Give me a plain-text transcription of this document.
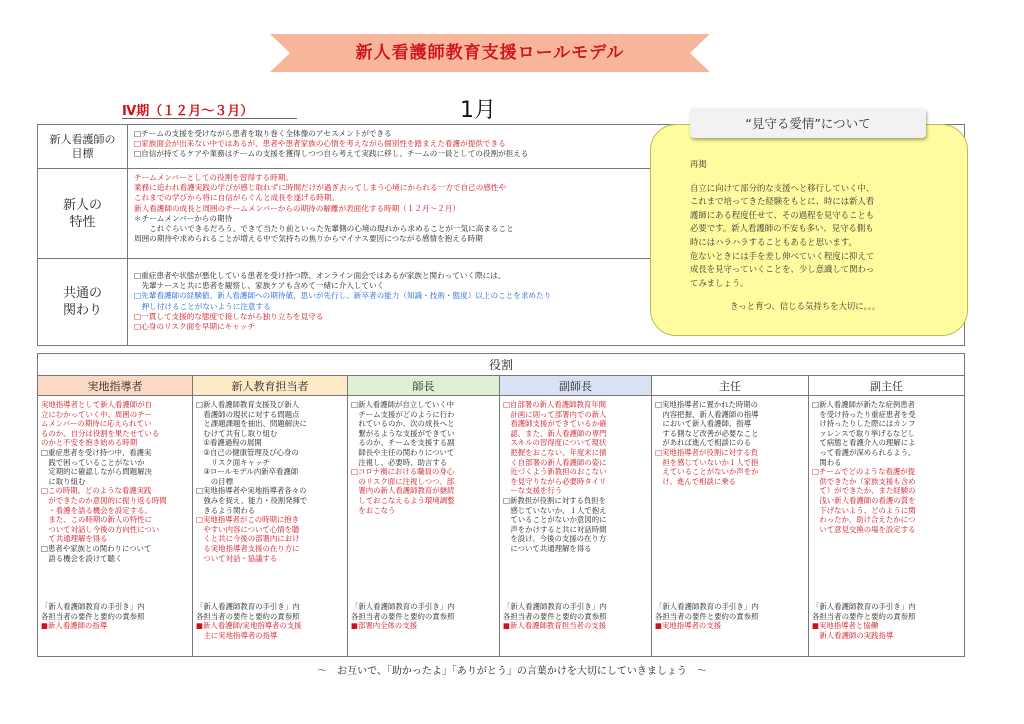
新人看護師教育支援ロールモデル
Ⅳ期（１２月～３月）	1月
新人看護師の
目標
□チームの支援を受けながら患者を取り巻く全体像のアセスメントができる
□家族面会が出来ない中ではあるが、患者や患者家族の心情を考えながら個別性を踏まえた看護が提供できる
□自信が持てるケアや業務はチームの支援を獲得しつつ自ら考えて実践に移し、チームの一員としての役割が担える
新人の
特性
チームメンバーとしての役割を習得する時期。
業務に追われ看護実践の学びが感じ取れずに時間だけが過ぎ去ってしまう心境にかられる一方で自己の感性や
これまでの学びから将に自信がらぐんと成長を遂げる時期。
新人看護師の成長と周囲のチームメンバーからの期待の解離が表面化する時期（１２月～２月）
＊チームメンバーからの期待
　　これぐらいできるだろう、できて当たり前といった先輩側の心境の現れから求めることが一気に高まること
周囲の期待や求められることが増える中で気持ちの焦りからマイナス要因につながる感情を抱える時期
共通の
関わり
□重症患者や状態が悪化している患者を受け持つ際、オンライン面会ではあるが家族と関わっていく際には、
　先輩ナースと共に患者を観察し、家族ケアも含めて一緒に介入していく
□先輩看護師の経験値、新人看護師への期待値、思いが先行し、新卒者の能力（知識・技術・態度）以上のことを求めたり
　押し付けることがないように注意する
□一貫して支援的な態度で接しながら独り立ちを見守る
□心身のリスク面を早期にキャッチ
“見守る愛情”について
再掲
自立に向けて部分的な支援へと移行していく中、
これまで培ってきた経験をもとに、時には新人看
護師にある程度任せて、その過程を見守ることも
必要です。新人看護師の不安も多い、見守る側も
時にはハラハラすることもあると思います。
危ないときには手を差し伸べていく程度に抑えて
成長を見守っていくことを、少し意識して関わっ
てみましょう。
きっと育つ、信じる気持ちを大切に。。。
役割
実地指導者
実地指導者として新人看護師が自
立にむかっていく中、周囲のチー
ムメンバーの期待に応えられてい
るのか、自分は役割を果たせている
のかと不安を抱き始める時期
□重症患者を受け持つ中、看護実
　践で困っていることがないか
　定期的に確認しながら問題解決
　に取り組む
□この時期、どのような看護実践
　ができたのか意図的に振り返る時間
　・看護を語る機会を設定する。
　また、この時期の新人の特性に
　ついて対話し今後の方向性につい
　て共通理解を得る
□患者や家族との関わりについて
　語る機会を設けて聴く
「新人看護師教育の手引き」内
各担当者の要件と要約の責参照
■新人看護師の指導
新人教育担当者
□新人看護師教育支援及び新人
　看護師の現状に対する問題点
　と課題課題を抽出、問題解決に
　むけて共有し取り組む
　①看護過程の展開
　②自己の健康管理及び心身の
　　リスク面キャッチ
　③ロールモデル内新卒看護師
　　の目標
□実地指導者や実地指導者各々の
　強みを捉え、能力・役割発揮で
　きるよう関わる
□実地指導者がこの時期に抱き
　やすい内容について心情を聴
　くと共に今後の部署内におけ
　る実地指導者支援の在り方に
　ついて対話・協議する
「新人看護師教育の手引き」内
各担当者の要件と要約の責参照
■新人看護師/実地指導者の支援
　主に実地指導者の指導
師長
□新人看護師が自立していく中
　チーム支援がどのように行わ
　れているのか、次の成長へと
　繋がるような支援ができてい
　るのか、チームを支援する副
　師長や主任の関わりについて
　注視し、必要時、助言する
□コロナ禍における職員の身心
　のリスク面に注視しつつ、部
　署内の新人看護師教育が継続
　しておこなえるよう環境調整
　をおこなう
「新人看護師教育の手引き」内
各担当者の要件と要約の責参照
■部署内全体の支援
副師長
□自部署の新人看護師教育年間
　計画に則って部署内での新人
　看護師支援ができているか確
　認、また、新人看護師の専門
　スキルの習得度について現状
　把握をおこない、年度末に描
　く自部署の新人看護師の姿に
　近づくよう新教担のおこない
　を見守りながら必要時タイリ
　ーな支援を行う
□新教担が役割に対する負担を
　感じていないか、１人で抱え
　ていることがないか意図的に
　声をかけすると共に対話時間
　を設け、今後の支援の在り方
　について共通理解を得る
「新人看護師教育の手引き」内
各担当者の要件と要約の責参照
■新人看護師教育担当者の支援
主任
□実地指導者に置かれた時期の
　内容把握、新人看護師の指導
　において新人看護師、指導
　する側など改善が必要なこと
　があれば進んで相談にのる
□実地指導者が役割に対する負
　担を感じていないか１人で抱
　えていることがないか声をか
　け、進んで相談に乗る
「新人看護師教育の手引き」内
各担当者の要件と要約の責参照
■実地指導者の支援
副主任
□新人看護師が新たな症例患者
　を受け持ったり重症患者を受
　け持ったりした際にはカンフ
　ァレンスで取り挙げるなどし
　て病態と看護介入の理解によ
　って看護が深められるよう、
　関わる
□チームでどのような看護が提
　供できたか（家族支援も含め
　て）ができたか、また経験の
　浅い新人看護師の看護の質を
　下げないよう、どのように関
　わったか、助け合えたかにつ
　いて意見交換の場を設定する
「新人看護師教育の手引き」内
各担当者の要件と要約の責参照
■実地指導者と協働
　新人看護師の実践指導
～　お互いで、「助かったよ」「ありがとう」の言葉かけを大切にしていきましょう　～
